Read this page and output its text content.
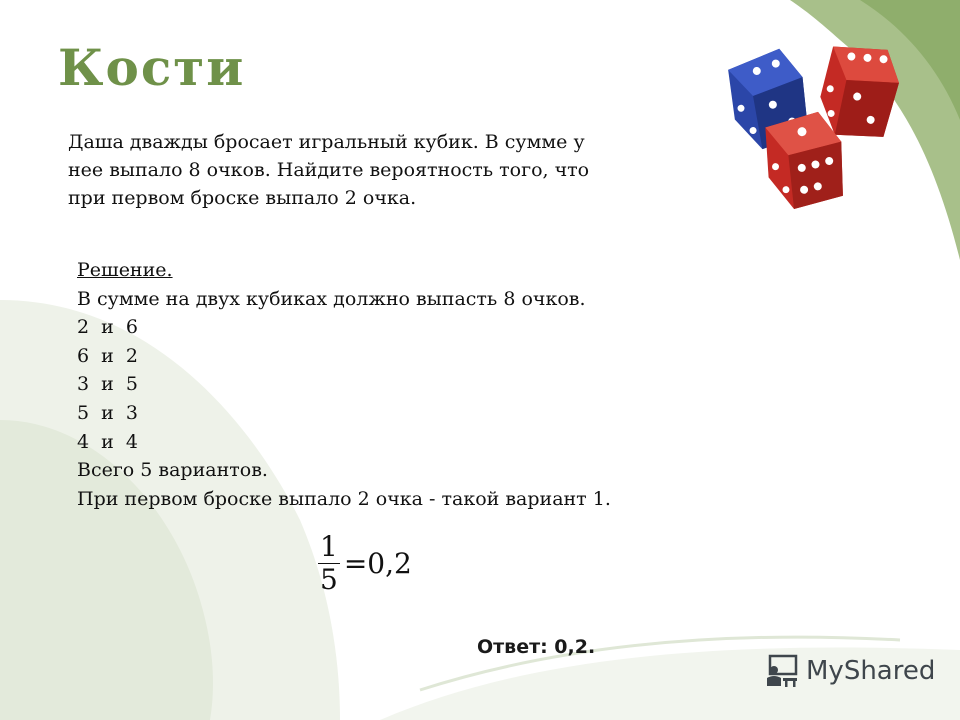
Кости
Даша дважды бросает игральный кубик. В сумме у
нее выпало 8 очков. Найдите вероятность того, что
при первом броске выпало 2 очка.
Решение.
В сумме на двух кубиках должно выпасть 8 очков.
2  и  6
6  и  2
3  и  5
5  и  3
4  и  4
Всего 5 вариантов.
При первом броске выпало 2 очка - такой вариант 1.
$\frac{1}{5} =0,2$
Ответ: 0,2.
MyShared
